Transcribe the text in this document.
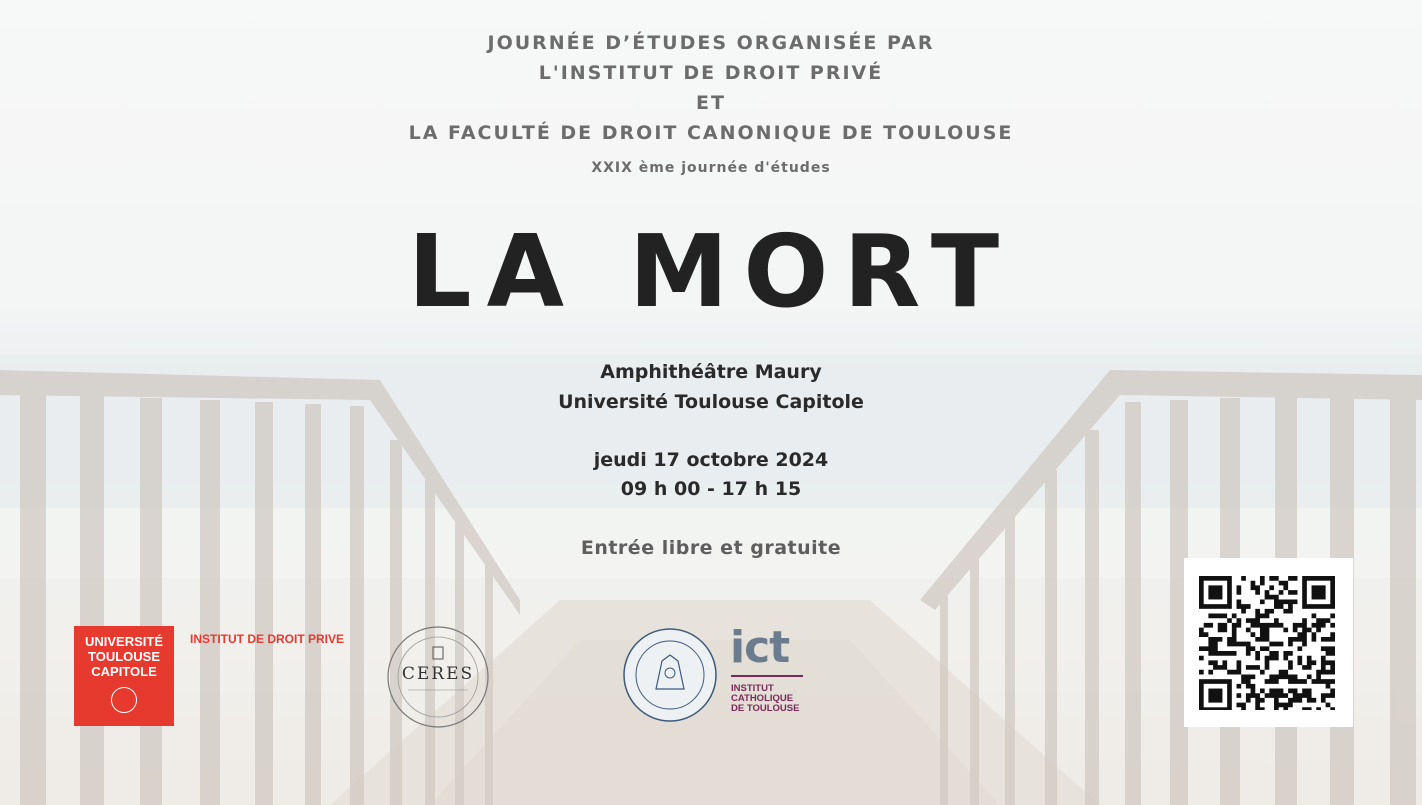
JOURNÉE D’ÉTUDES ORGANISÉE PAR
L'INSTITUT DE DROIT PRIVÉ
ET
LA FACULTÉ DE DROIT CANONIQUE DE TOULOUSE
XXIX ème journée d'études
LA MORT
Amphithéâtre Maury
Université Toulouse Capitole
jeudi 17 octobre 2024
09 h 00 - 17 h 15
Entrée libre et gratuite
UNIVERSITÉ
TOULOUSE
CAPITOLE
INSTITUT DE DROIT PRIVE
CERES
ict
INSTITUT
CATHOLIQUE
DE TOULOUSE
